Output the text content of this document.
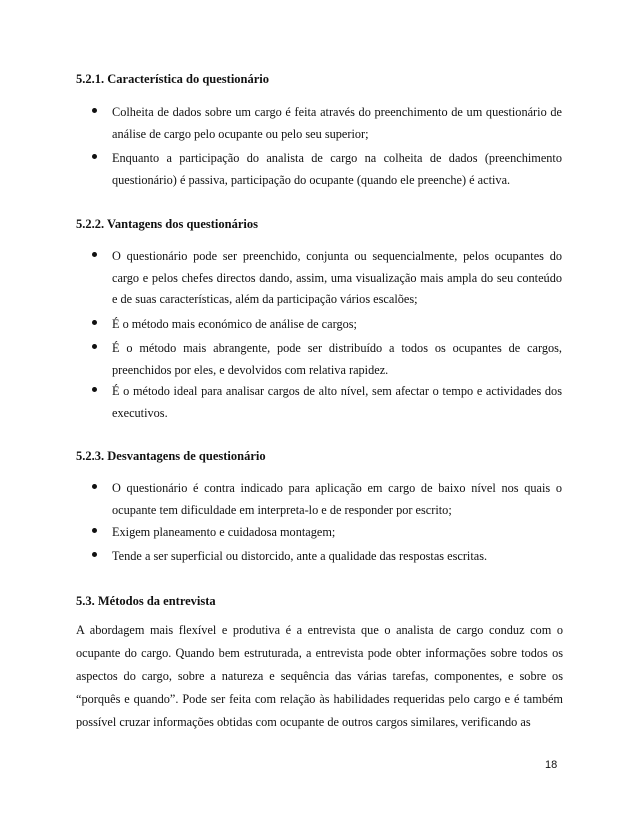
5.2.1. Característica do questionário
Colheita de dados sobre um cargo é feita através do preenchimento de um questionário de análise de cargo pelo ocupante ou pelo seu superior;
Enquanto a participação do analista de cargo na colheita de dados (preenchimento questionário) é passiva, participação do ocupante (quando ele preenche) é activa.
5.2.2. Vantagens dos questionários
O questionário pode ser preenchido, conjunta ou sequencialmente, pelos ocupantes do cargo e pelos chefes directos dando, assim, uma visualização mais ampla do seu conteúdo e de suas características, além da participação vários escalões;
É o método mais económico de análise de cargos;
É o método mais abrangente, pode ser distribuído a todos os ocupantes de cargos, preenchidos por eles, e devolvidos com relativa rapidez.
É o método ideal para analisar cargos de alto nível, sem afectar o tempo e actividades dos executivos.
5.2.3. Desvantagens de questionário
O questionário é contra indicado para aplicação em cargo de baixo nível nos quais o ocupante tem dificuldade em interpreta-lo e de responder por escrito;
Exigem planeamento e cuidadosa montagem;
Tende a ser superficial ou distorcido, ante a qualidade das respostas escritas.
5.3. Métodos da entrevista
A abordagem mais flexível e produtiva é a entrevista que o analista de cargo conduz com o ocupante do cargo. Quando bem estruturada, a entrevista pode obter informações sobre todos os aspectos do cargo, sobre a natureza e sequência das várias tarefas, componentes, e sobre os “porquês e quando”. Pode ser feita com relação às habilidades requeridas pelo cargo e é também possível cruzar informações obtidas com ocupante de outros cargos similares, verificando as
18
